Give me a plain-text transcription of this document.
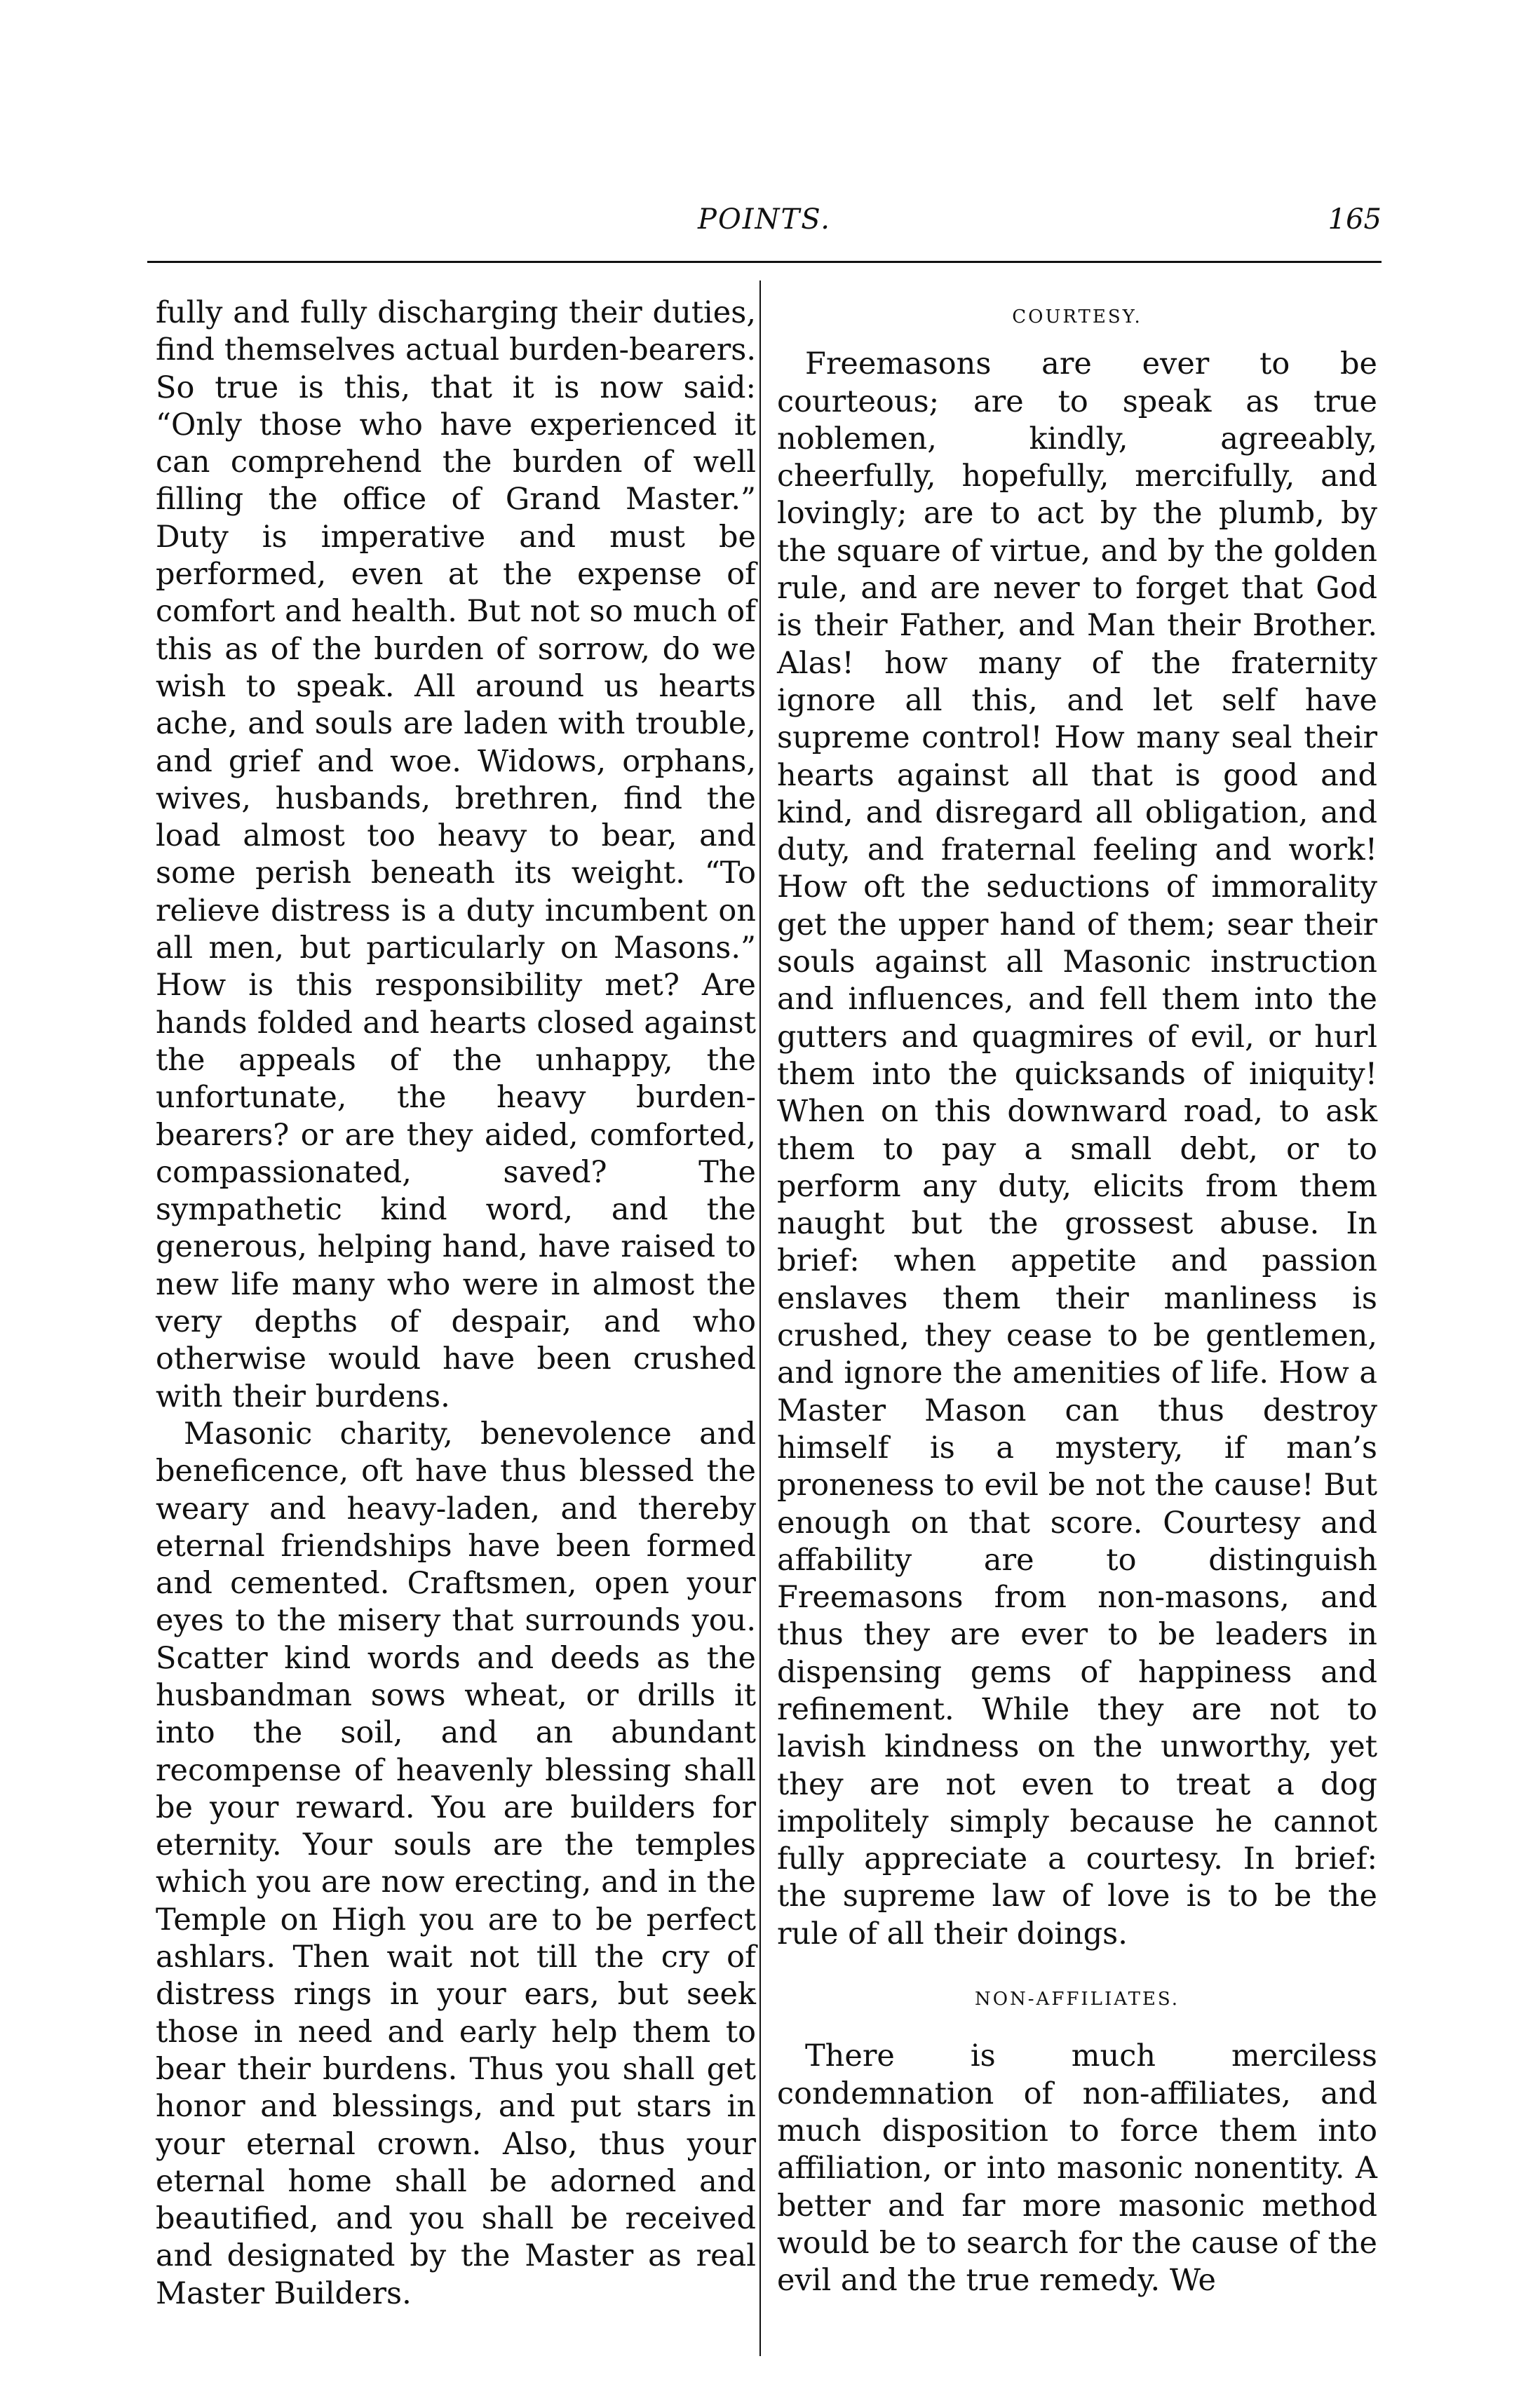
POINTS.	165

fully and fully discharging their duties, find themselves actual burden-bearers. So true is this, that it is now said: “Only those who have experienced it can comprehend the burden of well filling the office of Grand Master.” Duty is imperative and must be performed, even at the expense of comfort and health. But not so much of this as of the burden of sorrow, do we wish to speak. All around us hearts ache, and souls are laden with trouble, and grief and woe. Widows, orphans, wives, husbands, brethren, find the load almost too heavy to bear, and some perish beneath its weight. “To relieve distress is a duty incumbent on all men, but particularly on Masons.” How is this responsibility met? Are hands folded and hearts closed against the appeals of the unhappy, the unfortunate, the heavy burden-bearers? or are they aided, comforted, compassionated, saved? The sympathetic kind word, and the generous, helping hand, have raised to new life many who were in almost the very depths of despair, and who otherwise would have been crushed with their burdens.

Masonic charity, benevolence and beneficence, oft have thus blessed the weary and heavy-laden, and thereby eternal friendships have been formed and cemented. Craftsmen, open your eyes to the misery that surrounds you. Scatter kind words and deeds as the husbandman sows wheat, or drills it into the soil, and an abundant recompense of heavenly blessing shall be your reward. You are builders for eternity. Your souls are the temples which you are now erecting, and in the Temple on High you are to be perfect ashlars. Then wait not till the cry of distress rings in your ears, but seek those in need and early help them to bear their burdens. Thus you shall get honor and blessings, and put stars in your eternal crown. Also, thus your eternal home shall be adorned and beautified, and you shall be received and designated by the Master as real Master Builders.

COURTESY.

Freemasons are ever to be courteous; are to speak as true noblemen, kindly, agreeably, cheerfully, hopefully, mercifully, and lovingly; are to act by the plumb, by the square of virtue, and by the golden rule, and are never to forget that God is their Father, and Man their Brother. Alas! how many of the fraternity ignore all this, and let self have supreme control! How many seal their hearts against all that is good and kind, and disregard all obligation, and duty, and fraternal feeling and work! How oft the seductions of immorality get the upper hand of them; sear their souls against all Masonic instruction and influences, and fell them into the gutters and quagmires of evil, or hurl them into the quicksands of iniquity! When on this downward road, to ask them to pay a small debt, or to perform any duty, elicits from them naught but the grossest abuse. In brief: when appetite and passion enslaves them their manliness is crushed, they cease to be gentlemen, and ignore the amenities of life. How a Master Mason can thus destroy himself is a mystery, if man’s proneness to evil be not the cause! But enough on that score. Courtesy and affability are to distinguish Freemasons from non-masons, and thus they are ever to be leaders in dispensing gems of happiness and refinement. While they are not to lavish kindness on the unworthy, yet they are not even to treat a dog impolitely simply because he cannot fully appreciate a courtesy. In brief: the supreme law of love is to be the rule of all their doings.

NON-AFFILIATES.

There is much merciless condemnation of non-affiliates, and much disposition to force them into affiliation, or into masonic nonentity. A better and far more masonic method would be to search for the cause of the evil and the true remedy. We
